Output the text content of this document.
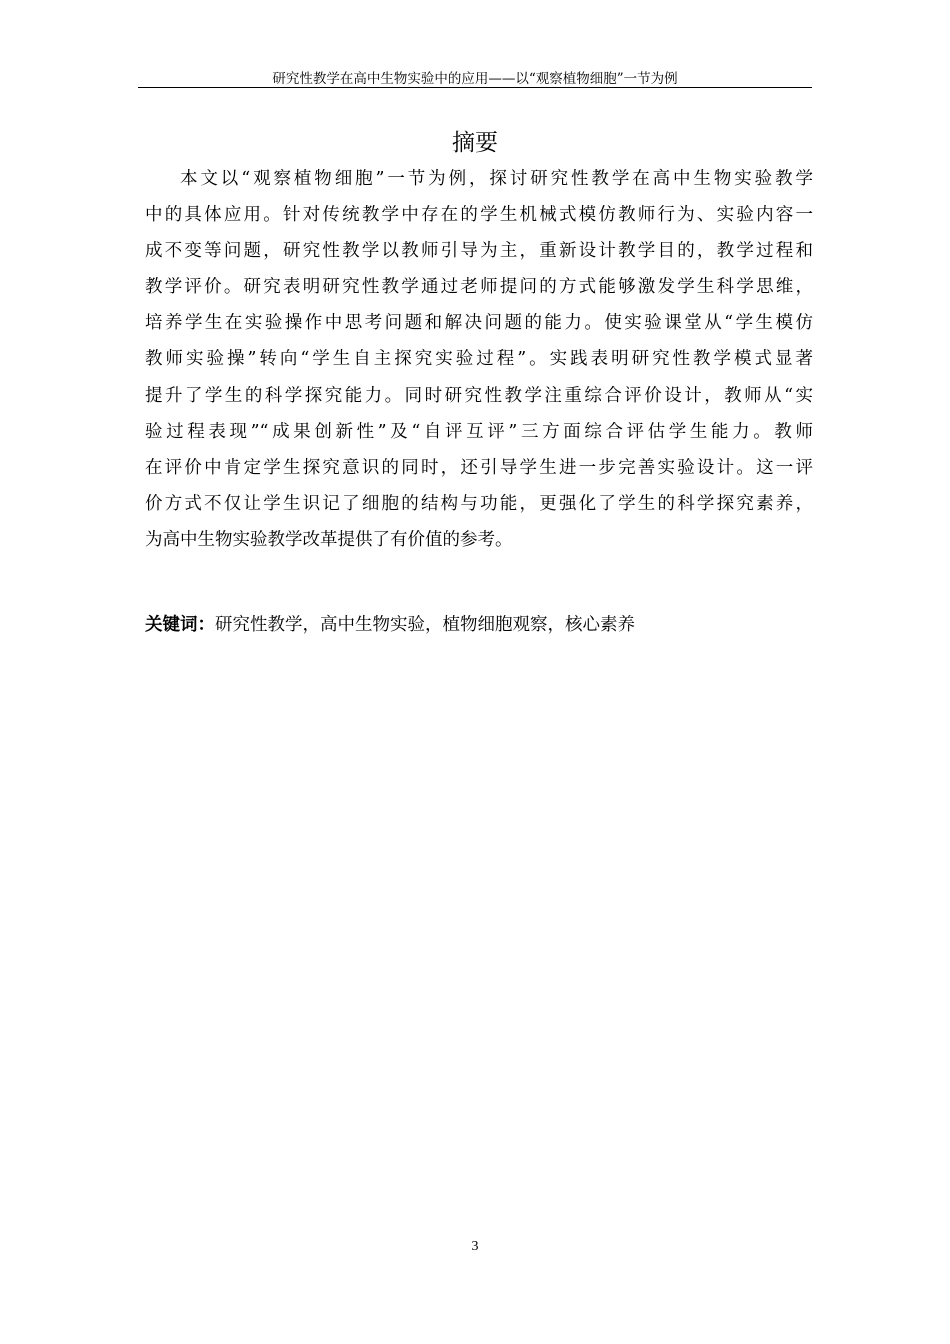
研究性教学在高中生物实验中的应用——以“观察植物细胞”一节为例
摘要
本文以“观察植物细胞”一节为例，探讨研究性教学在高中生物实验教学
中的具体应用。针对传统教学中存在的学生机械式模仿教师行为、实验内容一
成不变等问题，研究性教学以教师引导为主，重新设计教学目的，教学过程和
教学评价。研究表明研究性教学通过老师提问的方式能够激发学生科学思维，
培养学生在实验操作中思考问题和解决问题的能力。使实验课堂从“学生模仿
教师实验操”转向“学生自主探究实验过程”。实践表明研究性教学模式显著
提升了学生的科学探究能力。同时研究性教学注重综合评价设计，教师从“实
验过程表现”“成果创新性”及“自评互评”三方面综合评估学生能力。教师
在评价中肯定学生探究意识的同时，还引导学生进一步完善实验设计。这一评
价方式不仅让学生识记了细胞的结构与功能，更强化了学生的科学探究素养，
为高中生物实验教学改革提供了有价值的参考。
关键词：研究性教学，高中生物实验，植物细胞观察，核心素养
3
